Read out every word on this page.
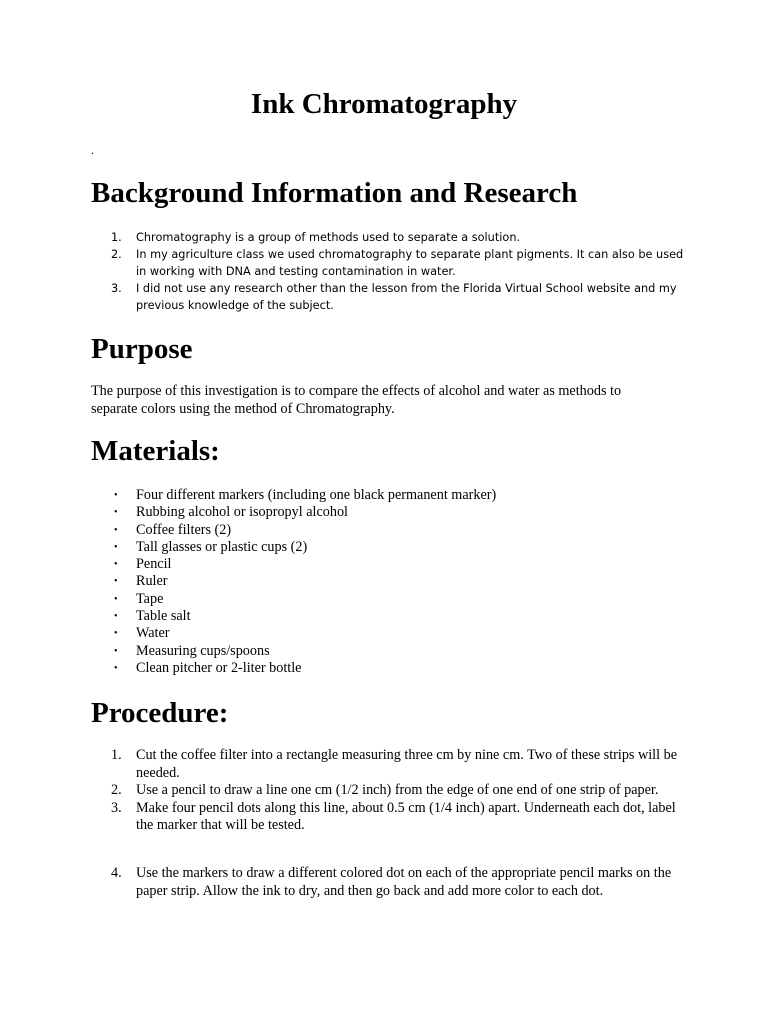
Ink Chromatography

.

Background Information and Research
1. Chromatography is a group of methods used to separate a solution.
2. In my agriculture class we used chromatography to separate plant pigments. It can also be used in working with DNA and testing contamination in water.
3. I did not use any research other than the lesson from the Florida Virtual School website and my previous knowledge of the subject.
Purpose

The purpose of this investigation is to compare the effects of alcohol and water as methods to separate colors using the method of Chromatography.

Materials:
• Four different markers (including one black permanent marker)
• Rubbing alcohol or isopropyl alcohol
• Coffee filters (2)
• Tall glasses or plastic cups (2)
• Pencil
• Ruler
• Tape
• Table salt
• Water
• Measuring cups/spoons
• Clean pitcher or 2-liter bottle
Procedure:
1. Cut the coffee filter into a rectangle measuring three cm by nine cm. Two of these strips will be needed.
2. Use a pencil to draw a line one cm (1/2 inch) from the edge of one end of one strip of paper.
3. Make four pencil dots along this line, about 0.5 cm (1/4 inch) apart. Underneath each dot, label the marker that will be tested.
4. Use the markers to draw a different colored dot on each of the appropriate pencil marks on the paper strip. Allow the ink to dry, and then go back and add more color to each dot.
